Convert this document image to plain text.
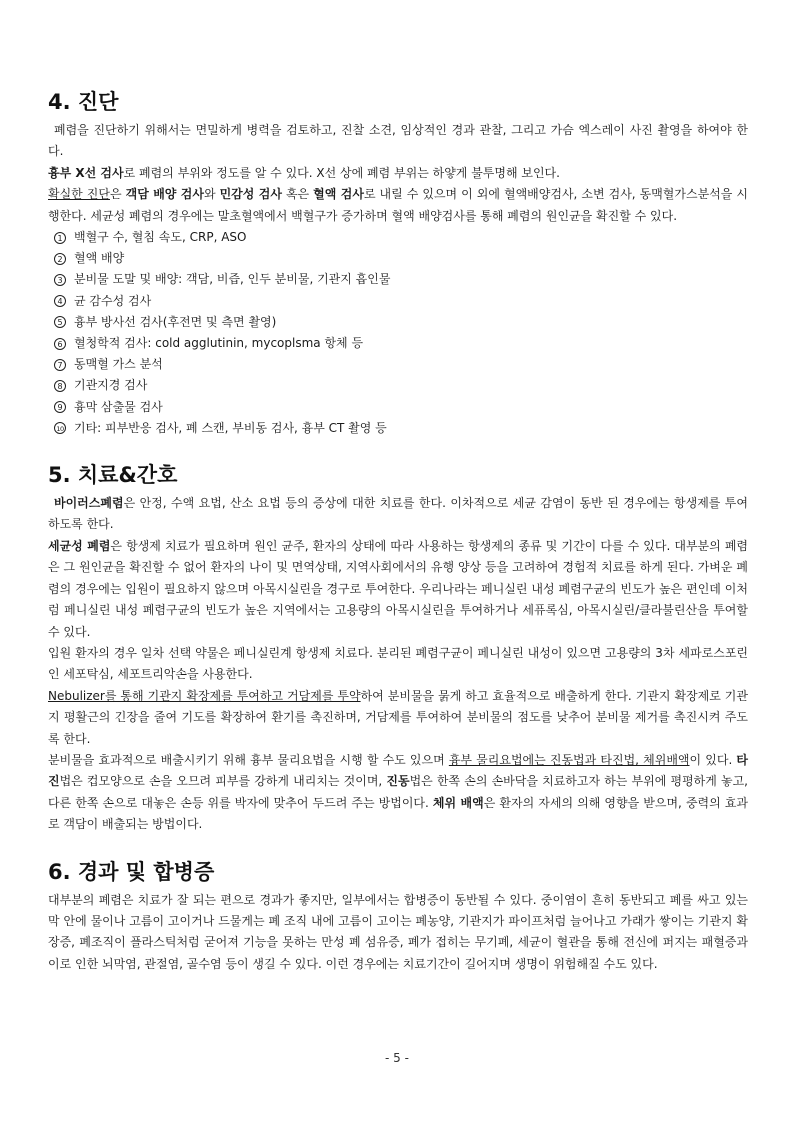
4. 진단

폐렴을 진단하기 위해서는 면밀하게 병력을 검토하고, 진찰 소견, 임상적인 경과 관찰, 그리고 가슴 엑스레이 사진 촬영을 하여야 한다.

흉부 X선 검사로 폐렴의 부위와 정도를 알 수 있다. X선 상에 폐렴 부위는 하얗게 불투명해 보인다.

확실한 진단은 객담 배양 검사와 민감성 검사 혹은 혈액 검사로 내릴 수 있으며 이 외에 혈액배양검사, 소변 검사, 동맥혈가스분석을 시행한다. 세균성 폐렴의 경우에는 말초혈액에서 백혈구가 증가하며 혈액 배양검사를 통해 폐렴의 원인균을 확진할 수 있다.

1 백혈구 수, 혈침 속도, CRP, ASO
2 혈액 배양
3 분비물 도말 및 배양: 객담, 비즙, 인두 분비물, 기관지 흡인물
4 균 감수성 검사
5 흉부 방사선 검사(후전면 및 측면 촬영)
6 혈청학적 검사: cold agglutinin, mycoplsma 항체 등
7 동맥혈 가스 분석
8 기관지경 검사
9 흉막 삼출물 검사
10 기타: 피부반응 검사, 폐 스캔, 부비동 검사, 흉부 CT 촬영 등
5. 치료&간호

바이러스폐렴은 안정, 수액 요법, 산소 요법 등의 증상에 대한 치료를 한다. 이차적으로 세균 감염이 동반 된 경우에는 항생제를 투여하도록 한다.

세균성 폐렴은 항생제 치료가 필요하며 원인 균주, 환자의 상태에 따라 사용하는 항생제의 종류 및 기간이 다를 수 있다. 대부분의 폐렴은 그 원인균을 확진할 수 없어 환자의 나이 및 면역상태, 지역사회에서의 유행 양상 등을 고려하여 경험적 치료를 하게 된다. 가벼운 폐렴의 경우에는 입원이 필요하지 않으며 아목시실린을 경구로 투여한다. 우리나라는 페니실린 내성 폐렴구균의 빈도가 높은 편인데 이처럼 페니실린 내성 폐렴구균의 빈도가 높은 지역에서는 고용량의 아목시실린을 투여하거나 세퓨록심, 아목시실린/클라불린산을 투여할 수 있다.

입원 환자의 경우 일차 선택 약물은 페니실린계 항생제 치료다. 분리된 폐렴구균이 페니실린 내성이 있으면 고용량의 3차 세파로스포린인 세포탁심, 세포트리악손을 사용한다.

Nebulizer를 통해 기관지 확장제를 투여하고 거담제를 투약하여 분비물을 묽게 하고 효율적으로 배출하게 한다. 기관지 확장제로 기관지 평활근의 긴장을 줄여 기도를 확장하여 환기를 촉진하며, 거담제를 투여하여 분비물의 점도를 낮추어 분비물 제거를 촉진시켜 주도록 한다.

분비물을 효과적으로 배출시키기 위해 흉부 물리요법을 시행 할 수도 있으며 흉부 물리요법에는 진동법과 타진법, 체위배액이 있다. 타진법은 컵모양으로 손을 오므려 피부를 강하게 내리치는 것이며, 진동법은 한쪽 손의 손바닥을 치료하고자 하는 부위에 평평하게 놓고, 다른 한쪽 손으로 대놓은 손등 위를 박자에 맞추어 두드려 주는 방법이다. 체위 배액은 환자의 자세의 의해 영향을 받으며, 중력의 효과로 객담이 배출되는 방법이다.

6. 경과 및 합병증

대부분의 폐렴은 치료가 잘 되는 편으로 경과가 좋지만, 일부에서는 합병증이 동반될 수 있다. 중이염이 흔히 동반되고 폐를 싸고 있는 막 안에 물이나 고름이 고이거나 드물게는 폐 조직 내에 고름이 고이는 폐농양, 기관지가 파이프처럼 늘어나고 가래가 쌓이는 기관지 확장증, 폐조직이 플라스틱처럼 굳어져 기능을 못하는 만성 폐 섬유증, 폐가 접히는 무기폐, 세균이 혈관을 통해 전신에 퍼지는 패혈증과 이로 인한 뇌막염, 관절염, 골수염 등이 생길 수 있다. 이런 경우에는 치료기간이 길어지며 생명이 위험해질 수도 있다.

- 5 -
